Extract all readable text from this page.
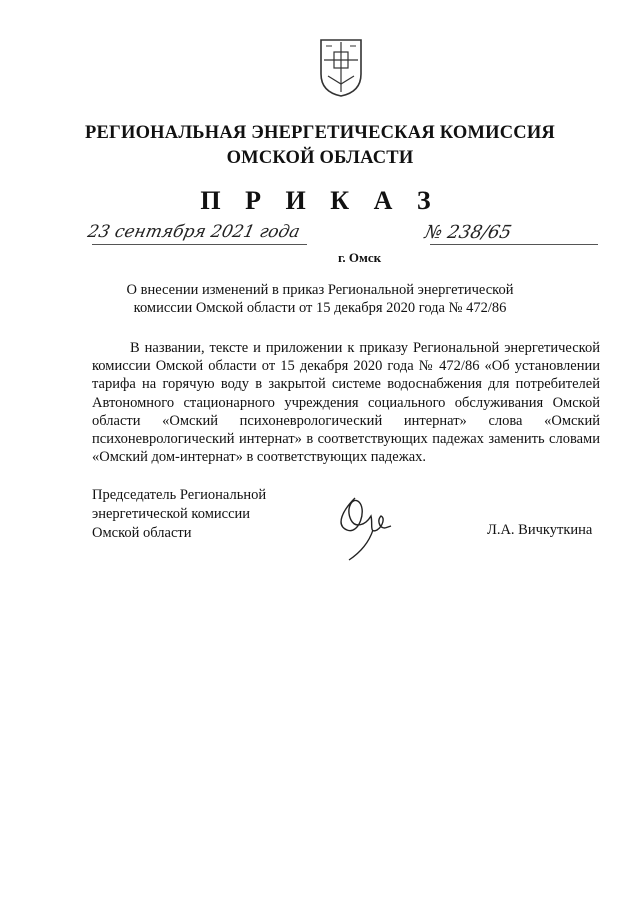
РЕГИОНАЛЬНАЯ ЭНЕРГЕТИЧЕСКАЯ КОМИССИЯ
ОМСКОЙ ОБЛАСТИ
П Р И К А З
23 сентября 2021 года
г. Омск
№ 238/65
О внесении изменений в приказ Региональной энергетической
комиссии Омской области от 15 декабря 2020 года № 472/86
В названии, тексте и приложении к приказу Региональной энергетической комиссии Омской области от 15 декабря 2020 года № 472/86 «Об установлении тарифа на горячую воду в закрытой системе водоснабжения для потребителей Автономного стационарного учреждения социального обслуживания Омской области «Омский психоневрологический интернат» слова «Омский психоневрологический интернат» в соответствующих падежах заменить словами «Омский дом-интернат» в соответствующих падежах.
Председатель Региональной
энергетической комиссии
Омской области	Л.А. Вичкуткина
